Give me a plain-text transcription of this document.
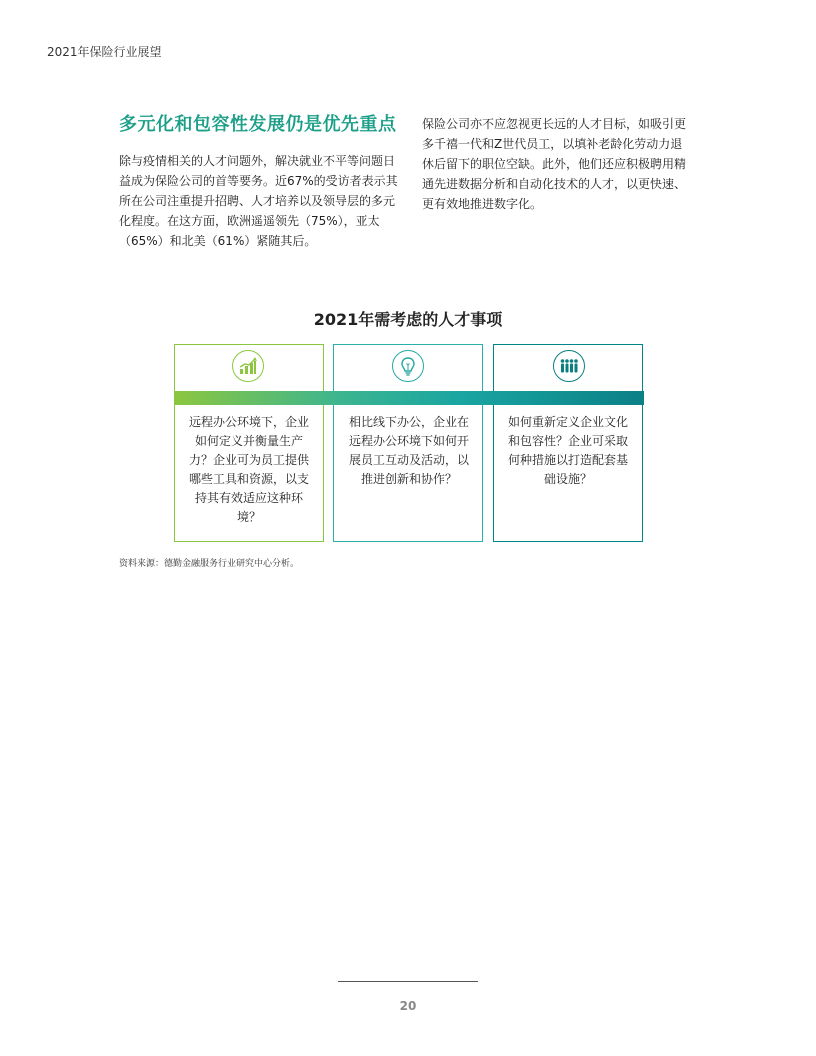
2021年保险行业展望
多元化和包容性发展仍是优先重点
除与疫情相关的人才问题外，解决就业不平等问题日益成为保险公司的首等要务。近67%的受访者表示其所在公司注重提升招聘、人才培养以及领导层的多元化程度。在这方面，欧洲遥遥领先（75%），亚太（65%）和北美（61%）紧随其后。
保险公司亦不应忽视更长远的人才目标，如吸引更多千禧一代和Z世代员工，以填补老龄化劳动力退休后留下的职位空缺。此外，他们还应积极聘用精通先进数据分析和自动化技术的人才，以更快速、更有效地推进数字化。
2021年需考虑的人才事项
远程办公环境下，企业如何定义并衡量生产力？企业可为员工提供哪些工具和资源，以支持其有效适应这种环境？
相比线下办公，企业在远程办公环境下如何开展员工互动及活动，以推进创新和协作？
如何重新定义企业文化和包容性？企业可采取何种措施以打造配套基础设施？
资料来源：德勤金融服务行业研究中心分析。
20
